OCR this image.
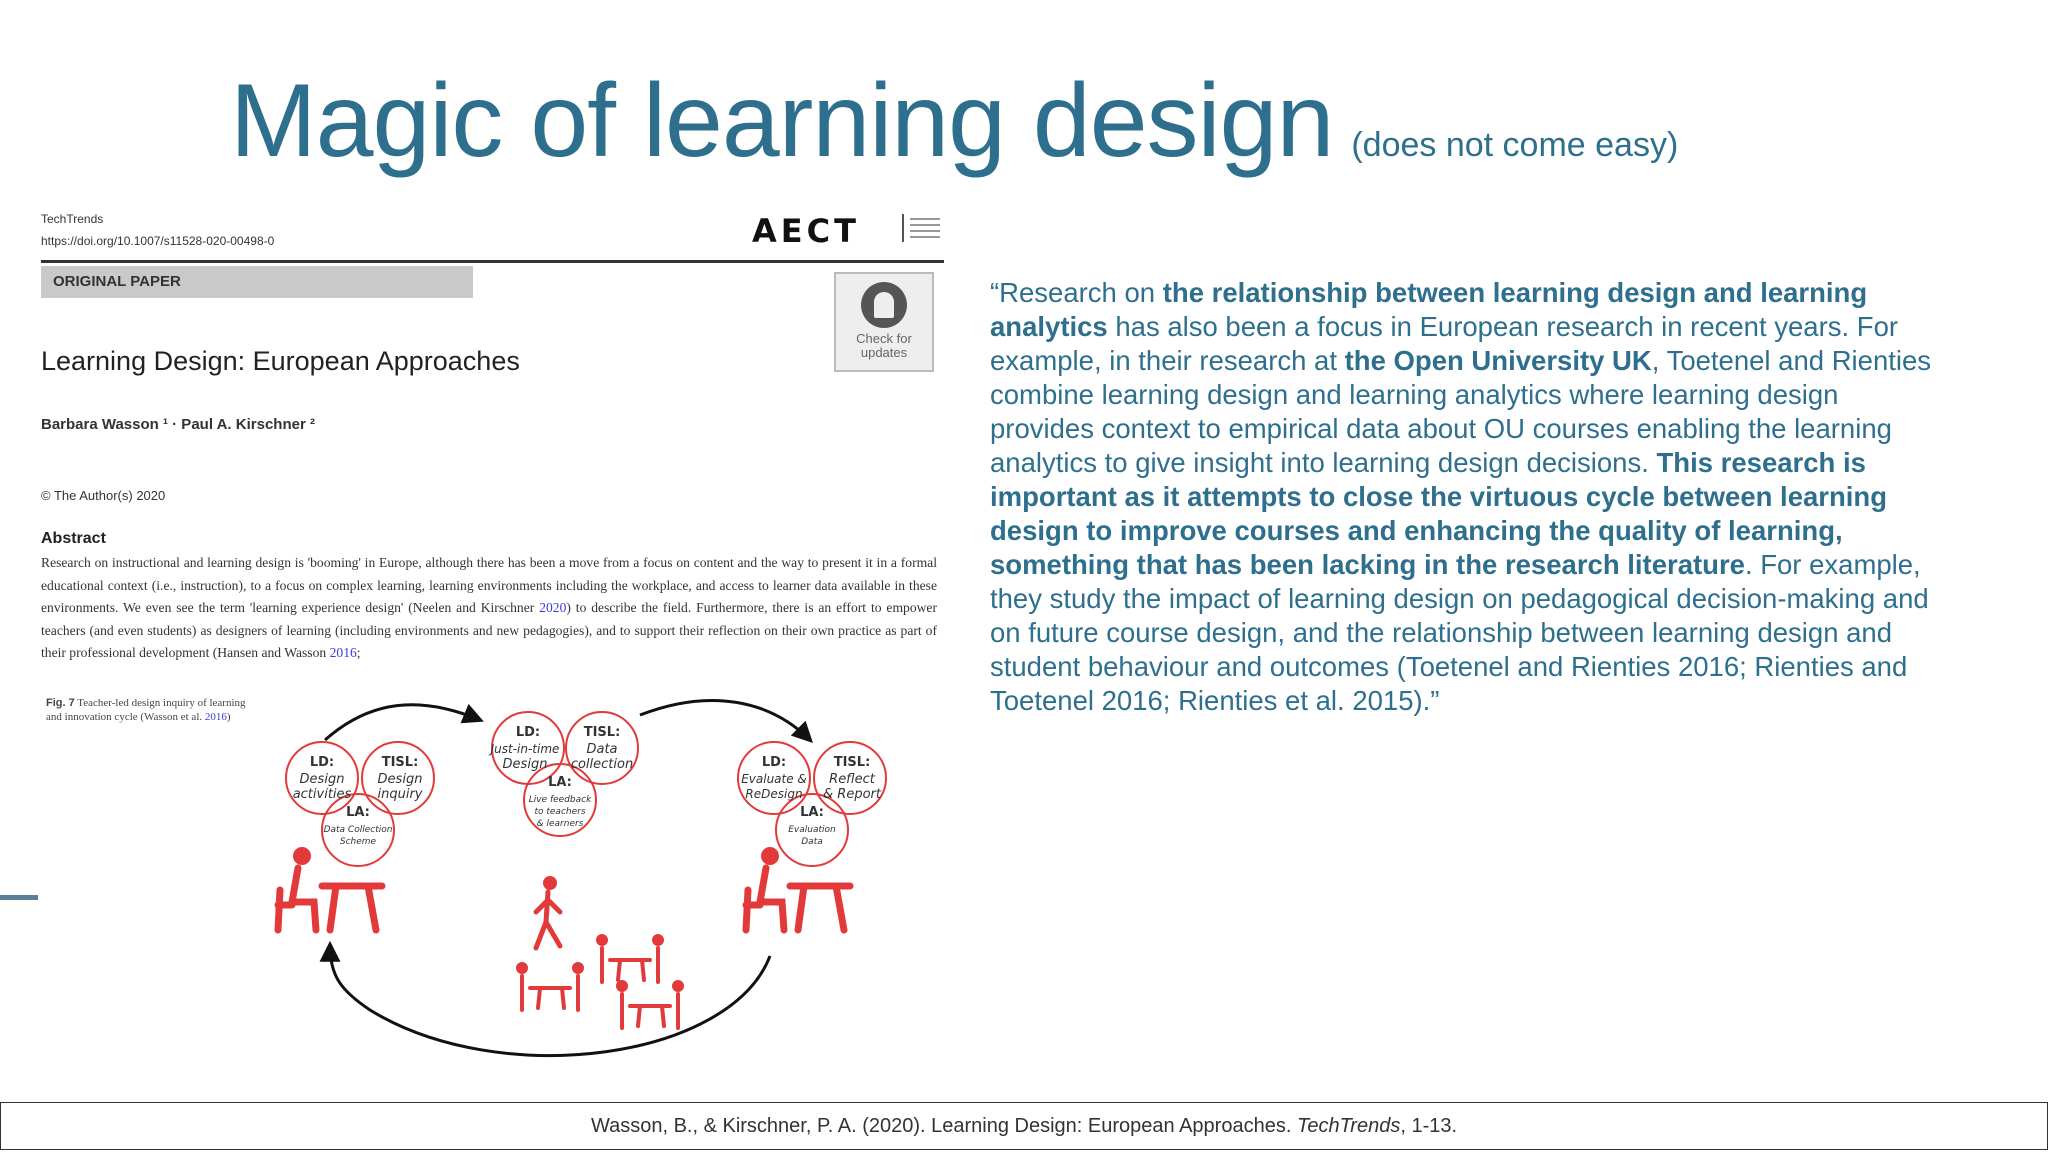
Magic of learning design (does not come easy)
TechTrends
https://doi.org/10.1007/s11528-020-00498-0	AECT
ORIGINAL PAPER
Check for updates
Learning Design: European Approaches
Barbara Wasson ¹ · Paul A. Kirschner ²
© The Author(s) 2020
Abstract

Research on instructional and learning design is 'booming' in Europe, although there has been a move from a focus on content and the way to present it in a formal educational context (i.e., instruction), to a focus on complex learning, learning environments including the workplace, and access to learner data available in these environments. We even see the term 'learning experience design' (Neelen and Kirschner 2020) to describe the field. Furthermore, there is an effort to empower teachers (and even students) as designers of learning (including environments and new pedagogies), and to support their reflection on their own practice as part of their professional development (Hansen and Wasson 2016;

Fig. 7 Teacher-led design inquiry of learning and innovation cycle (Wasson et al. 2016)
LD:
Design
activities
TISL:
Design
inquiry
LA:
Data Collection
Scheme
LD:
Just-in-time
Design
TISL:
Data
collection
LA:
Live feedback
to teachers
& learners
LD:
Evaluate &
ReDesign
TISL:
Reflect
& Report
LA:
Evaluation
Data

“Research on the relationship between learning design and learning analytics has also been a focus in European research in recent years. For example, in their research at the Open University UK, Toetenel and Rienties combine learning design and learning analytics where learning design provides context to empirical data about OU courses enabling the learning analytics to give insight into learning design decisions. This research is important as it attempts to close the virtuous cycle between learning design to improve courses and enhancing the quality of learning, something that has been lacking in the research literature. For example, they study the impact of learning design on pedagogical decision-making and on future course design, and the relationship between learning design and student behaviour and outcomes (Toetenel and Rienties 2016; Rienties and Toetenel 2016; Rienties et al. 2015).”

Wasson, B., & Kirschner, P. A. (2020). Learning Design: European Approaches. TechTrends, 1-13.
